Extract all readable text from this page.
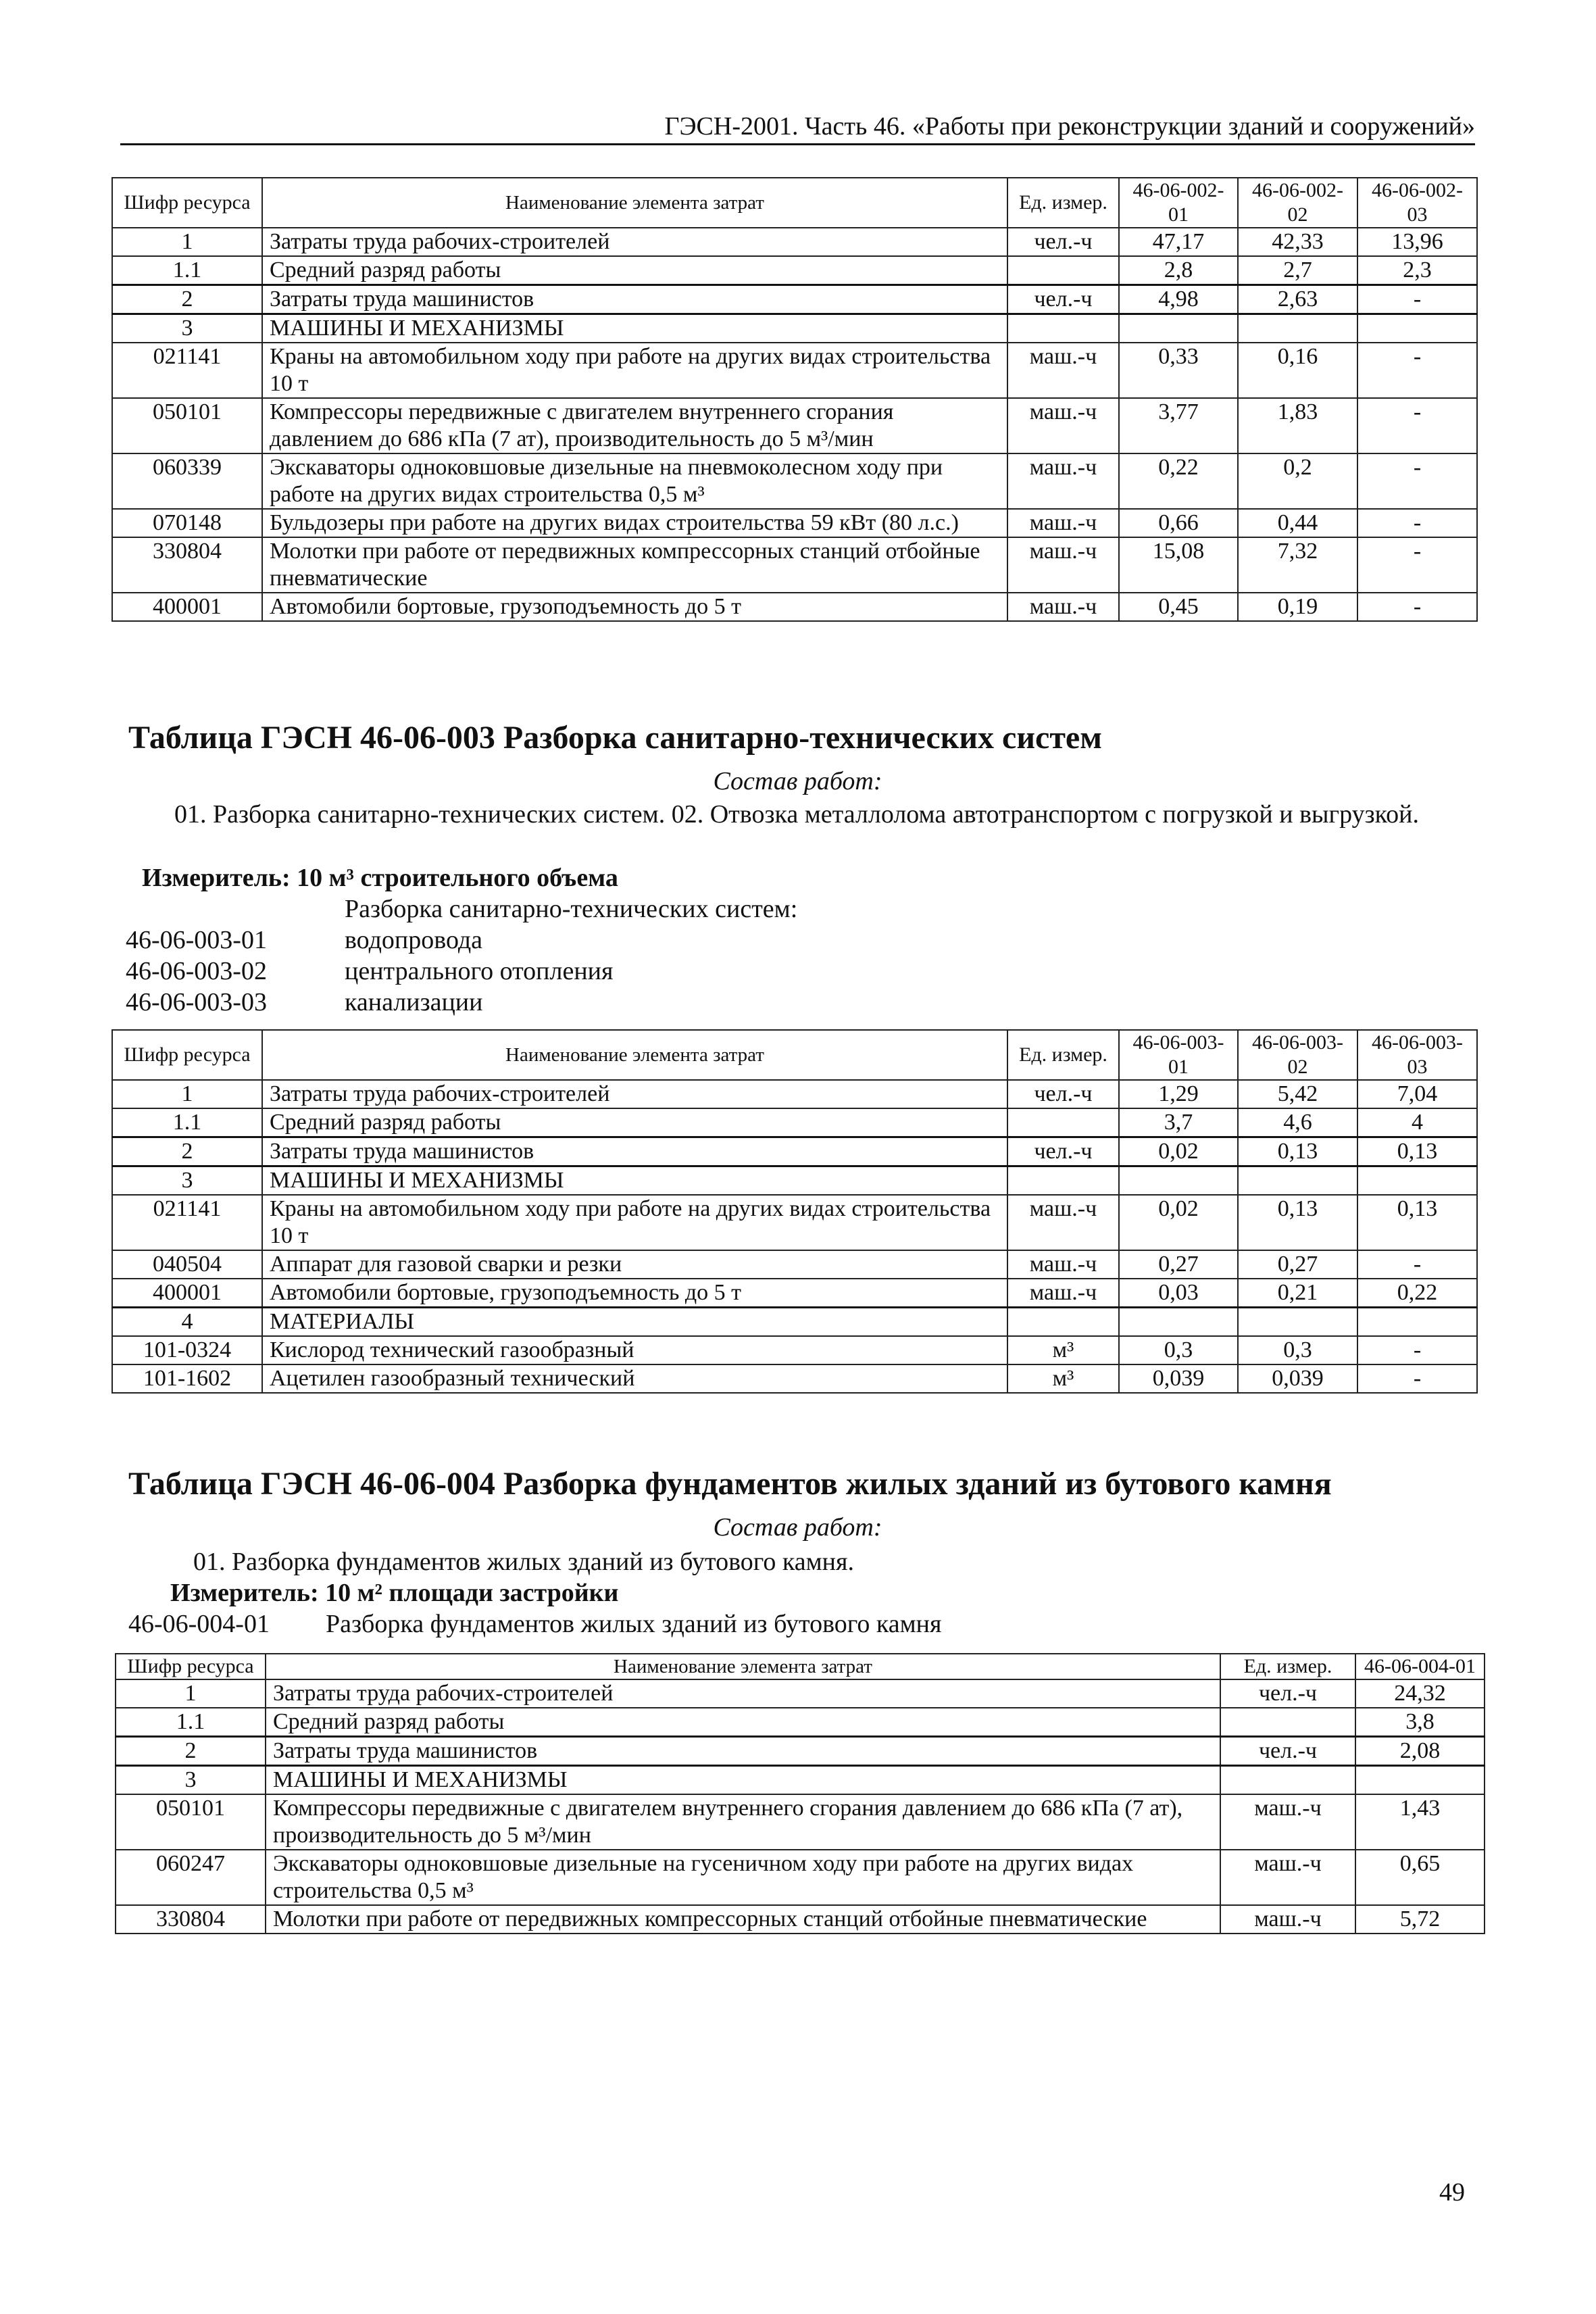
ГЭСН-2001. Часть 46. «Работы при реконструкции зданий и сооружений»
Шифр ресурса	Наименование элемента затрат	Ед. измер.	46-06-002-01	46-06-002-02	46-06-002-03
1	Затраты труда рабочих-строителей	чел.-ч	47,17	42,33	13,96
1.1	Средний разряд работы		2,8	2,7	2,3
2	Затраты труда машинистов	чел.-ч	4,98	2,63	-
3	МАШИНЫ И МЕХАНИЗМЫ				
021141	Краны на автомобильном ходу при работе на других видах строительства 10 т	маш.-ч	0,33	0,16	-
050101	Компрессоры передвижные с двигателем внутреннего сгорания давлением до 686 кПа (7 ат), производительность до 5 м³/мин	маш.-ч	3,77	1,83	-
060339	Экскаваторы одноковшовые дизельные на пневмоколесном ходу при работе на других видах строительства 0,5 м³	маш.-ч	0,22	0,2	-
070148	Бульдозеры при работе на других видах строительства 59 кВт (80 л.с.)	маш.-ч	0,66	0,44	-
330804	Молотки при работе от передвижных компрессорных станций отбойные пневматические	маш.-ч	15,08	7,32	-
400001	Автомобили бортовые, грузоподъемность до 5 т	маш.-ч	0,45	0,19	-
Таблица ГЭСН 46-06-003 Разборка санитарно-технических систем
Состав работ:
01. Разборка санитарно-технических систем. 02. Отвозка металлолома автотранспортом с погрузкой и выгрузкой.
Измеритель: 10 м³ строительного объема
Разборка санитарно-технических систем:
46-06-003-01	водопровода
46-06-003-02	центрального отопления
46-06-003-03	канализации
Шифр ресурса	Наименование элемента затрат	Ед. измер.	46-06-003-01	46-06-003-02	46-06-003-03
1	Затраты труда рабочих-строителей	чел.-ч	1,29	5,42	7,04
1.1	Средний разряд работы		3,7	4,6	4
2	Затраты труда машинистов	чел.-ч	0,02	0,13	0,13
3	МАШИНЫ И МЕХАНИЗМЫ				
021141	Краны на автомобильном ходу при работе на других видах строительства 10 т	маш.-ч	0,02	0,13	0,13
040504	Аппарат для газовой сварки и резки	маш.-ч	0,27	0,27	-
400001	Автомобили бортовые, грузоподъемность до 5 т	маш.-ч	0,03	0,21	0,22
4	МАТЕРИАЛЫ				
101-0324	Кислород технический газообразный	м³	0,3	0,3	-
101-1602	Ацетилен газообразный технический	м³	0,039	0,039	-
Таблица ГЭСН 46-06-004 Разборка фундаментов жилых зданий из бутового камня
Состав работ:
01. Разборка фундаментов жилых зданий из бутового камня.
Измеритель: 10 м² площади застройки
46-06-004-01 Разборка фундаментов жилых зданий из бутового камня
Шифр ресурса	Наименование элемента затрат	Ед. измер.	46-06-004-01
1	Затраты труда рабочих-строителей	чел.-ч	24,32
1.1	Средний разряд работы		3,8
2	Затраты труда машинистов	чел.-ч	2,08
3	МАШИНЫ И МЕХАНИЗМЫ		
050101	Компрессоры передвижные с двигателем внутреннего сгорания давлением до 686 кПа (7 ат), производительность до 5 м³/мин	маш.-ч	1,43
060247	Экскаваторы одноковшовые дизельные на гусеничном ходу при работе на других видах строительства 0,5 м³	маш.-ч	0,65
330804	Молотки при работе от передвижных компрессорных станций отбойные пневматические	маш.-ч	5,72
49
